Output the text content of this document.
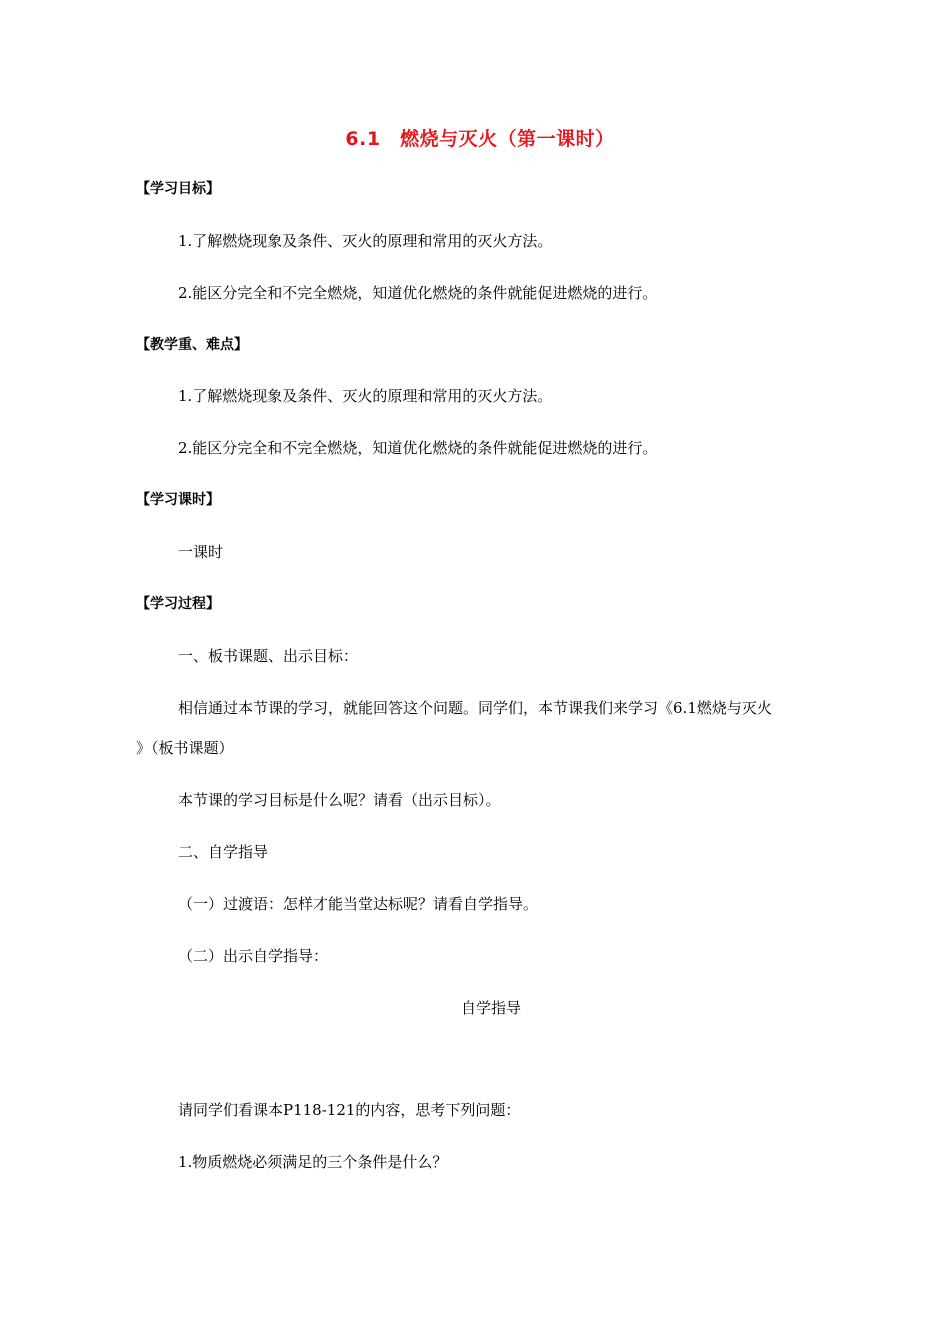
6.1　燃烧与灭火（第一课时）
【学习目标】
1.了解燃烧现象及条件、灭火的原理和常用的灭火方法。
2.能区分完全和不完全燃烧，知道优化燃烧的条件就能促进燃烧的进行。
【教学重、难点】
1.了解燃烧现象及条件、灭火的原理和常用的灭火方法。
2.能区分完全和不完全燃烧，知道优化燃烧的条件就能促进燃烧的进行。
【学习课时】
一课时
【学习过程】
一、板书课题、出示目标：
相信通过本节课的学习，就能回答这个问题。同学们，本节课我们来学习《6.1燃烧与灭火
》（板书课题）
本节课的学习目标是什么呢？请看（出示目标）。
二、自学指导
（一）过渡语：怎样才能当堂达标呢？请看自学指导。
（二）出示自学指导：
自学指导
请同学们看课本P118-121的内容，思考下列问题：
1.物质燃烧必须满足的三个条件是什么？
